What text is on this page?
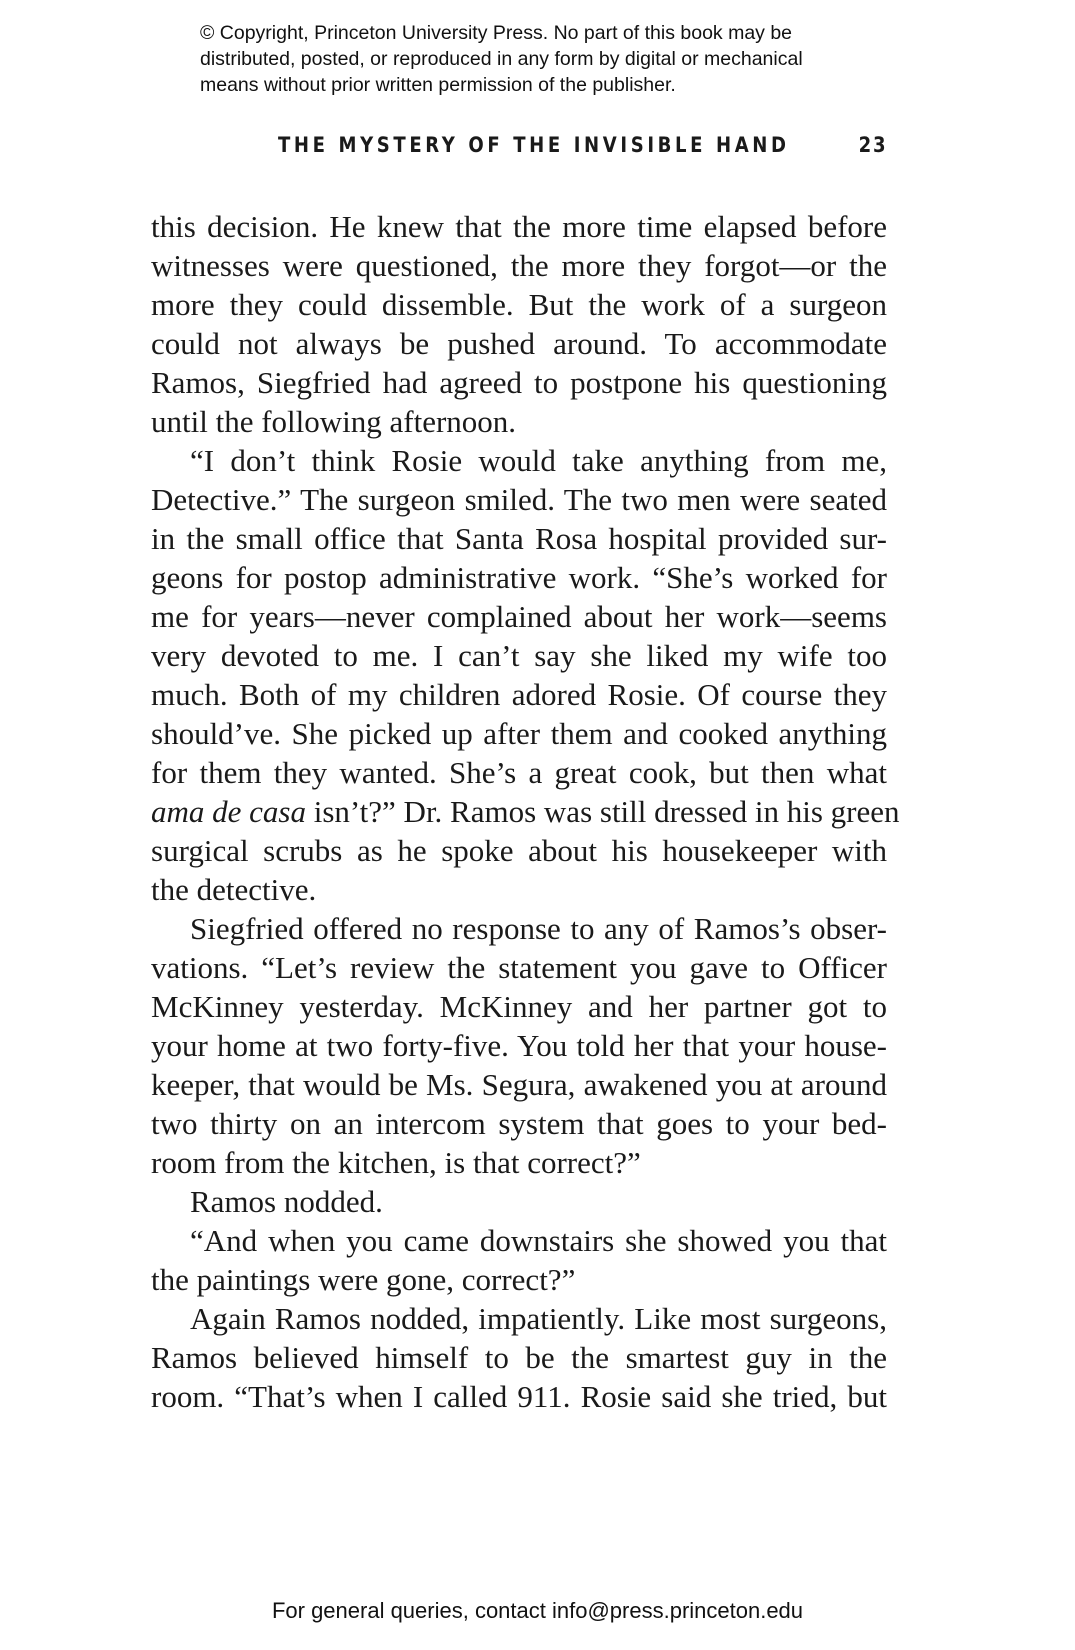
© Copyright, Princeton University Press. No part of this book may be
distributed, posted, or reproduced in any form by digital or mechanical
means without prior written permission of the publisher.
THE MYSTERY OF THE INVISIBLE HAND	23

this decision. He knew that the more time elapsed before
witnesses were questioned, the more they forgot—or the
more they could dissemble. But the work of a surgeon
could not always be pushed around. To accommodate
Ramos, Siegfried had agreed to postpone his questioning
until the following afternoon.

“I don’t think Rosie would take anything from me,
Detective.” The surgeon smiled. The two men were seated
in the small office that Santa Rosa hospital provided sur-
geons for postop administrative work. “She’s worked for
me for years—never complained about her work—seems
very devoted to me. I can’t say she liked my wife too
much. Both of my children adored Rosie. Of course they
should’ve. She picked up after them and cooked anything
for them they wanted. She’s a great cook, but then what
ama de casa isn’t?” Dr. Ramos was still dressed in his green
surgical scrubs as he spoke about his housekeeper with
the detective.

Siegfried offered no response to any of Ramos’s obser-
vations. “Let’s review the statement you gave to Officer
McKinney yesterday. McKinney and her partner got to
your home at two forty-five. You told her that your house-
keeper, that would be Ms. Segura, awakened you at around
two thirty on an intercom system that goes to your bed-
room from the kitchen, is that correct?”

Ramos nodded.

“And when you came downstairs she showed you that
the paintings were gone, correct?”

Again Ramos nodded, impatiently. Like most surgeons,
Ramos believed himself to be the smartest guy in the
room. “That’s when I called 911. Rosie said she tried, but

For general queries, contact info@press.princeton.edu
